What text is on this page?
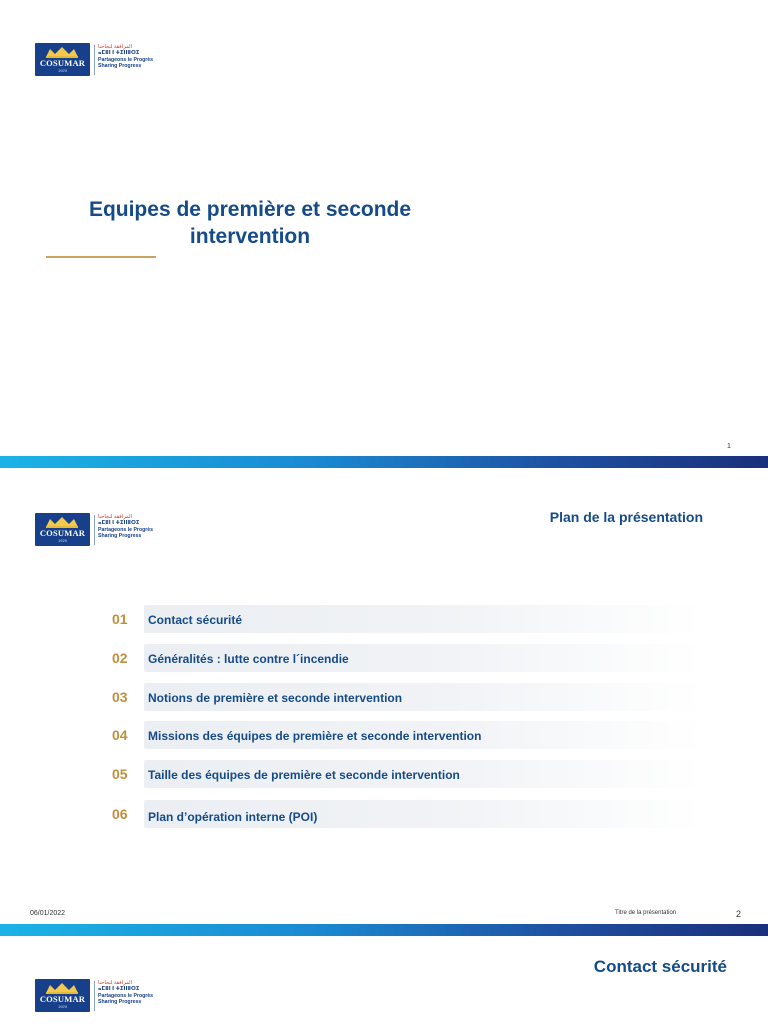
COSUMAR
1929
المرافقة لنجاحنا
ⴰⵎⵓⵏ ⵏ ⵜⵉⵏⵏⵓⵔⵉ
Partageons le Progrès
Sharing Progress
Equipes de première et seconde intervention
1
COSUMAR
1929
المرافقة لنجاحنا
ⴰⵎⵓⵏ ⵏ ⵜⵉⵏⵏⵓⵔⵉ
Partageons le Progrès
Sharing Progress
Plan de la présentation
01	Contact sécurité
02	Généralités : lutte contre l´incendie
03	Notions de première et seconde intervention
04	Missions des équipes de première et seconde intervention
05	Taille des équipes de première et seconde intervention
06	Plan d’opération interne (POI)
06/01/2022	Titre de la présentation	2
COSUMAR
1929
المرافقة لنجاحنا
ⴰⵎⵓⵏ ⵏ ⵜⵉⵏⵏⵓⵔⵉ
Partageons le Progrès
Sharing Progress
Contact sécurité
